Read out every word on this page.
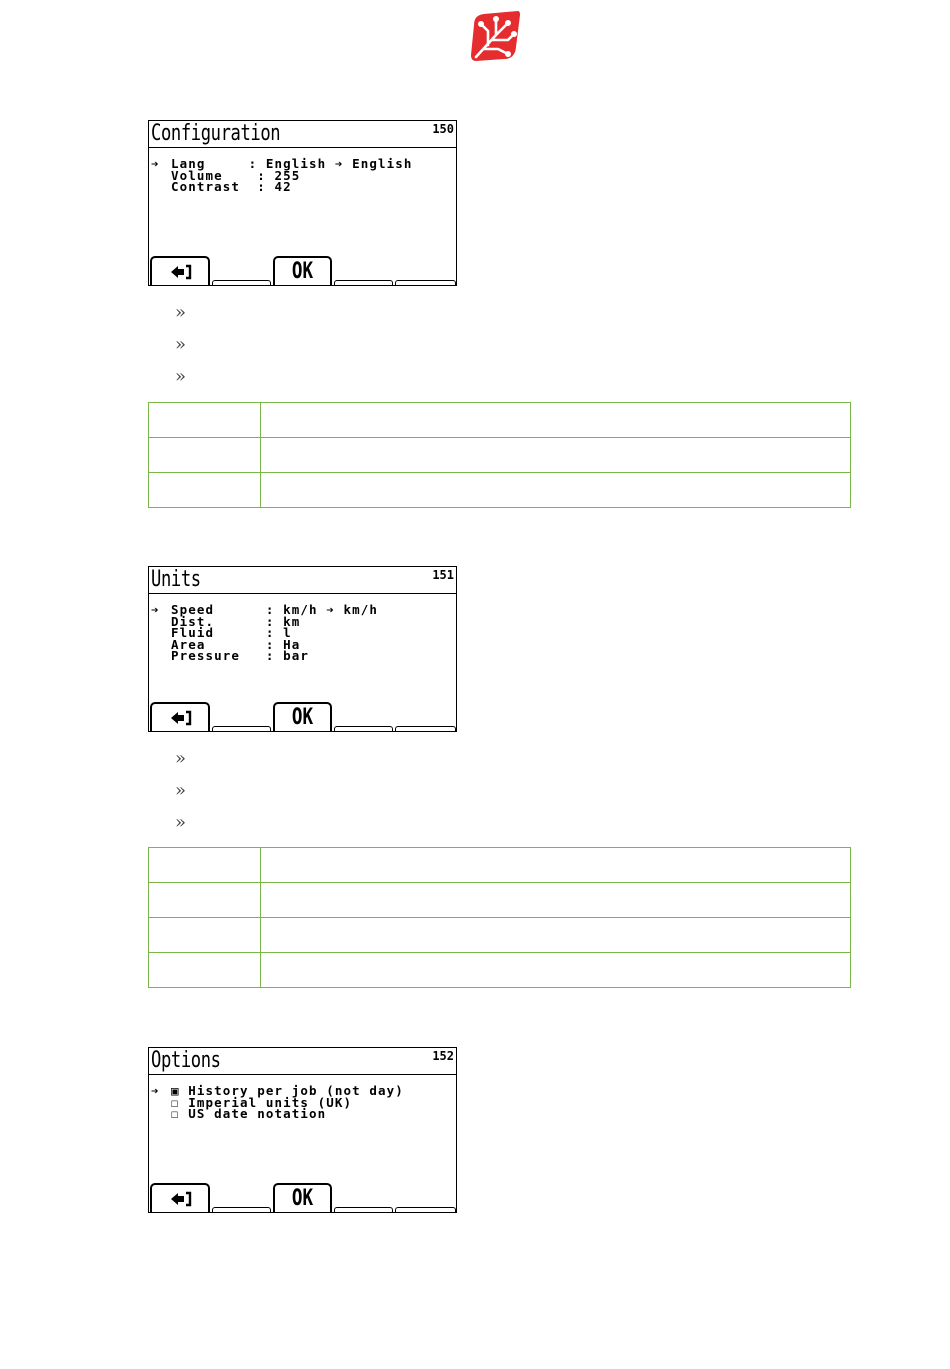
Configuration	150

➔

Lang     : English ➔ English

Volume    : 255

Contrast  : 42

OK
»
»
»

Units	151

➔

Speed      : km/h ➔ km/h

Dist.      : km

Fluid      : l

Area       : Ha

Pressure   : bar

OK
»
»
»

Options	152

➔

▣ History per job (not day)

☐ Imperial units (UK)

☐ US date notation

OK
